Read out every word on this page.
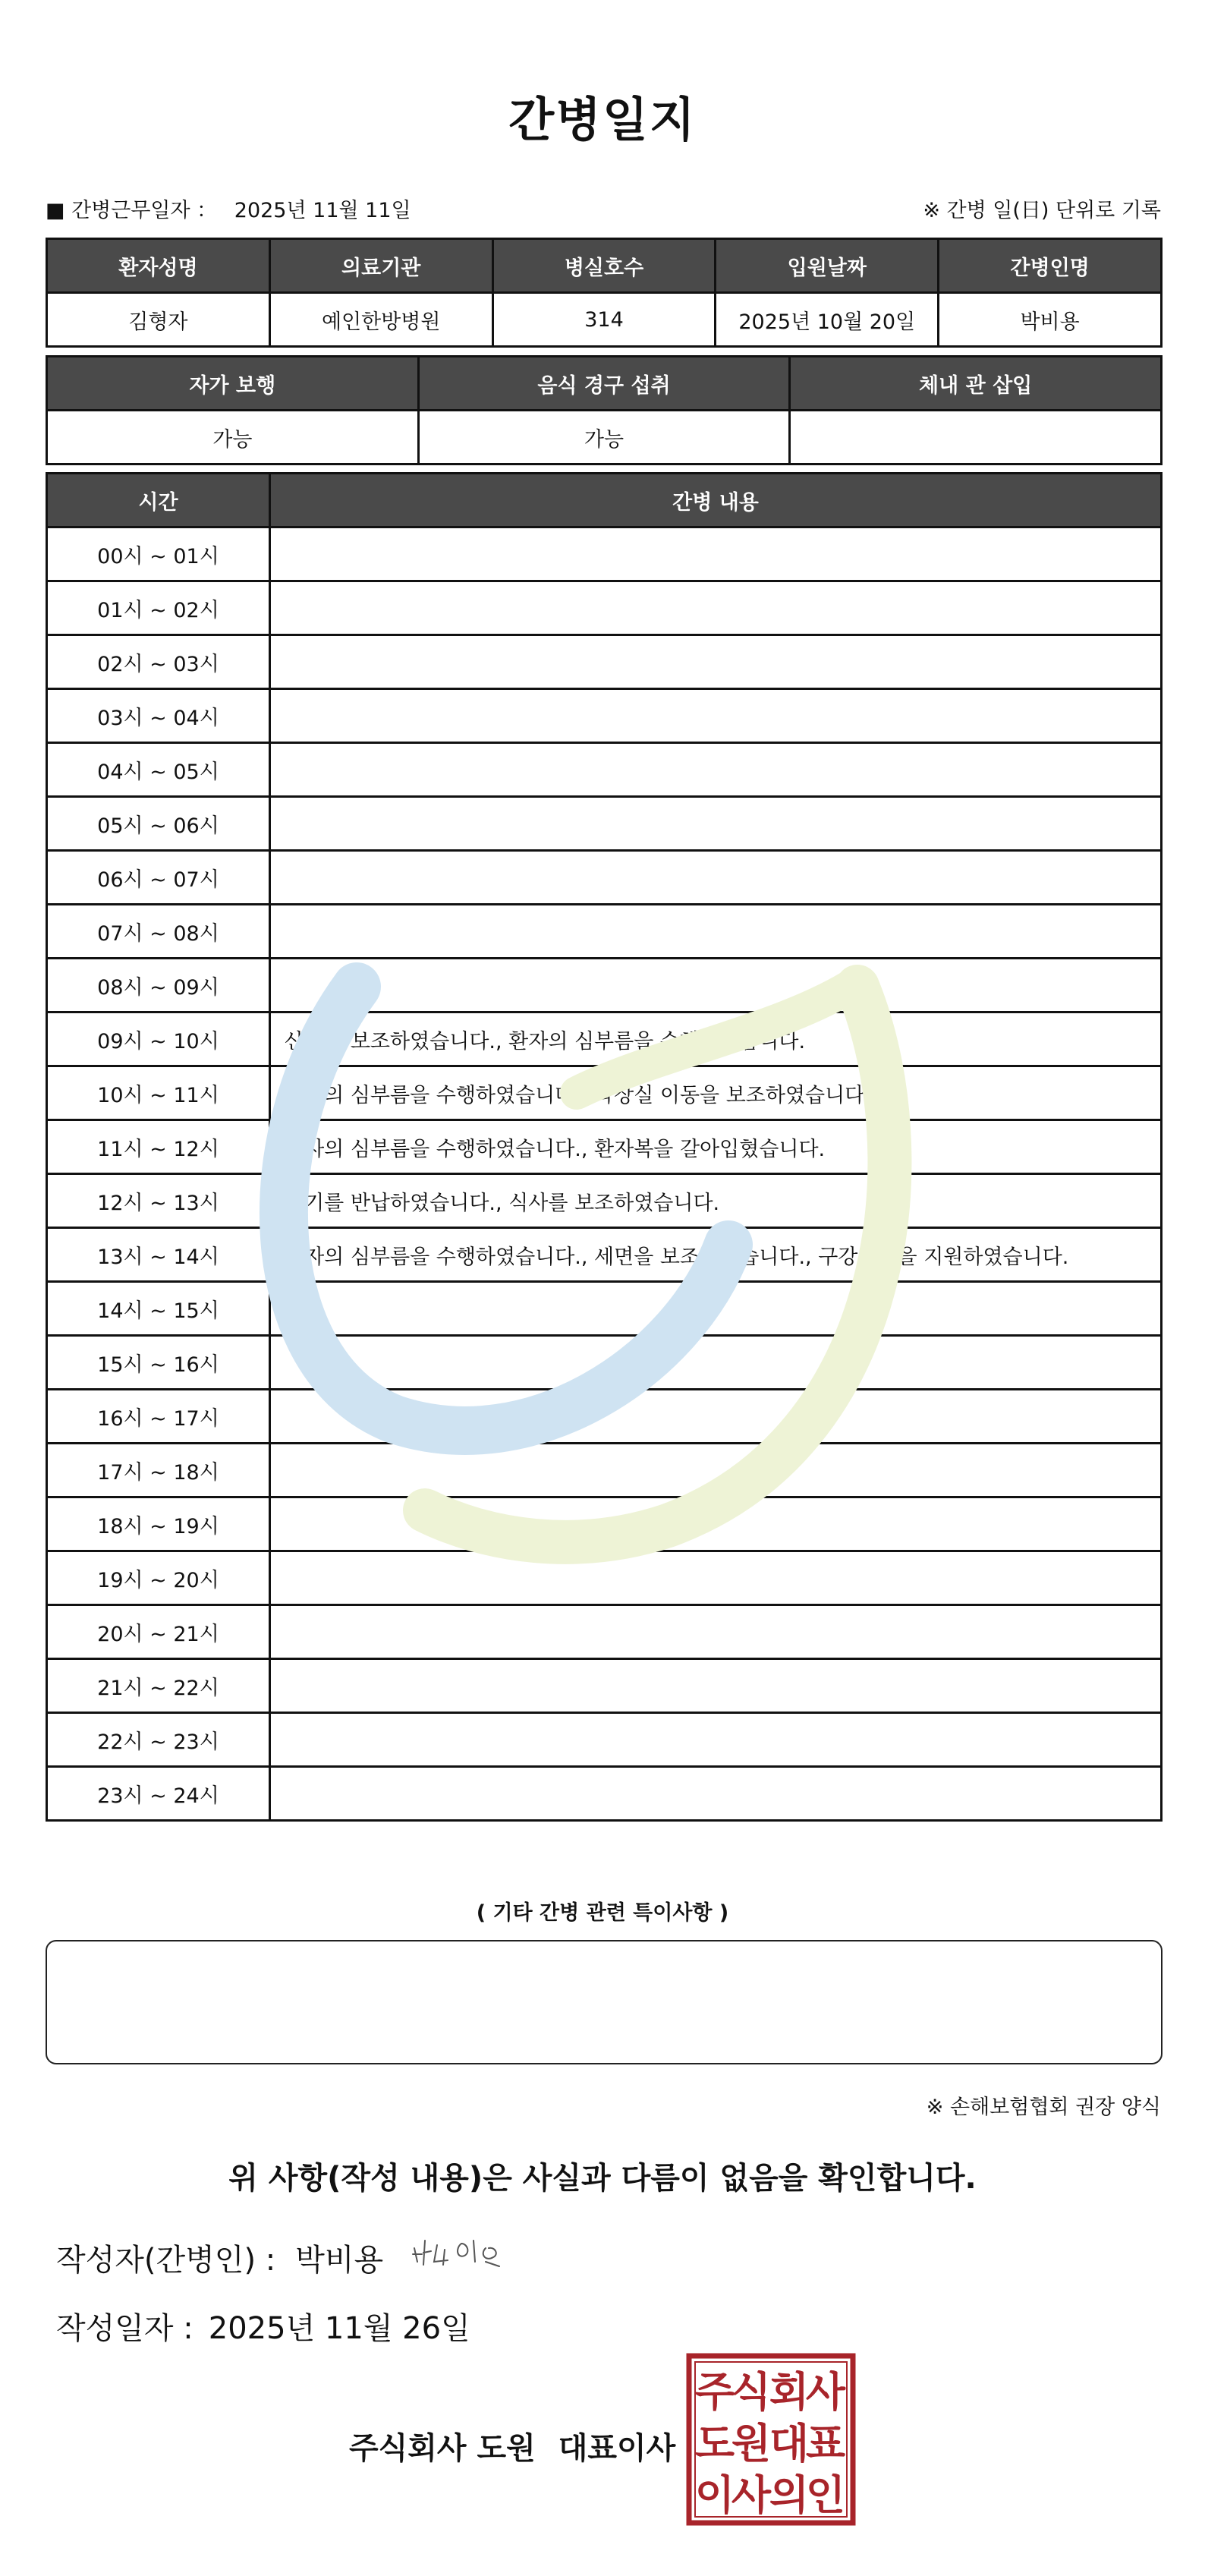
간병일지
■ 간병근무일자 ： 2025년 11월 11일	※ 간병 일(日) 단위로 기록
환자성명	의료기관	병실호수	입원날짜	간병인명
김형자	예인한방병원	314	2025년 10월 20일	박비용
자가 보행	음식 경구 섭취	체내 관 삽입
가능	가능	
시간	간병 내용
00시 ~ 01시	
01시 ~ 02시	
02시 ~ 03시	
03시 ~ 04시	
04시 ~ 05시	
05시 ~ 06시	
06시 ~ 07시	
07시 ~ 08시	
08시 ~ 09시	
09시 ~ 10시	산책을 보조하였습니다., 환자의 심부름을 수행하였습니다.
10시 ~ 11시	환자의 심부름을 수행하였습니다., 화장실 이동을 보조하였습니다.
11시 ~ 12시	환자의 심부름을 수행하였습니다., 환자복을 갈아입혔습니다.
12시 ~ 13시	식기를 반납하였습니다., 식사를 보조하였습니다.
13시 ~ 14시	환자의 심부름을 수행하였습니다., 세면을 보조하였습니다., 구강청결을 지원하였습니다.
14시 ~ 15시	
15시 ~ 16시	
16시 ~ 17시	
17시 ~ 18시	
18시 ~ 19시	
19시 ~ 20시	
20시 ~ 21시	
21시 ~ 22시	
22시 ~ 23시	
23시 ~ 24시	
( 기타 간병 관련 특이사항 )
※ 손해보험협회 권장 양식
위 사항(작성 내용)은 사실과 다름이 없음을 확인합니다.
작성자(간병인) : 박비용
작성일자 : 2025년 11월 26일
주식회사 도원 대표이사
주
식
회
사
도
원
대
표
이
사
의
인
